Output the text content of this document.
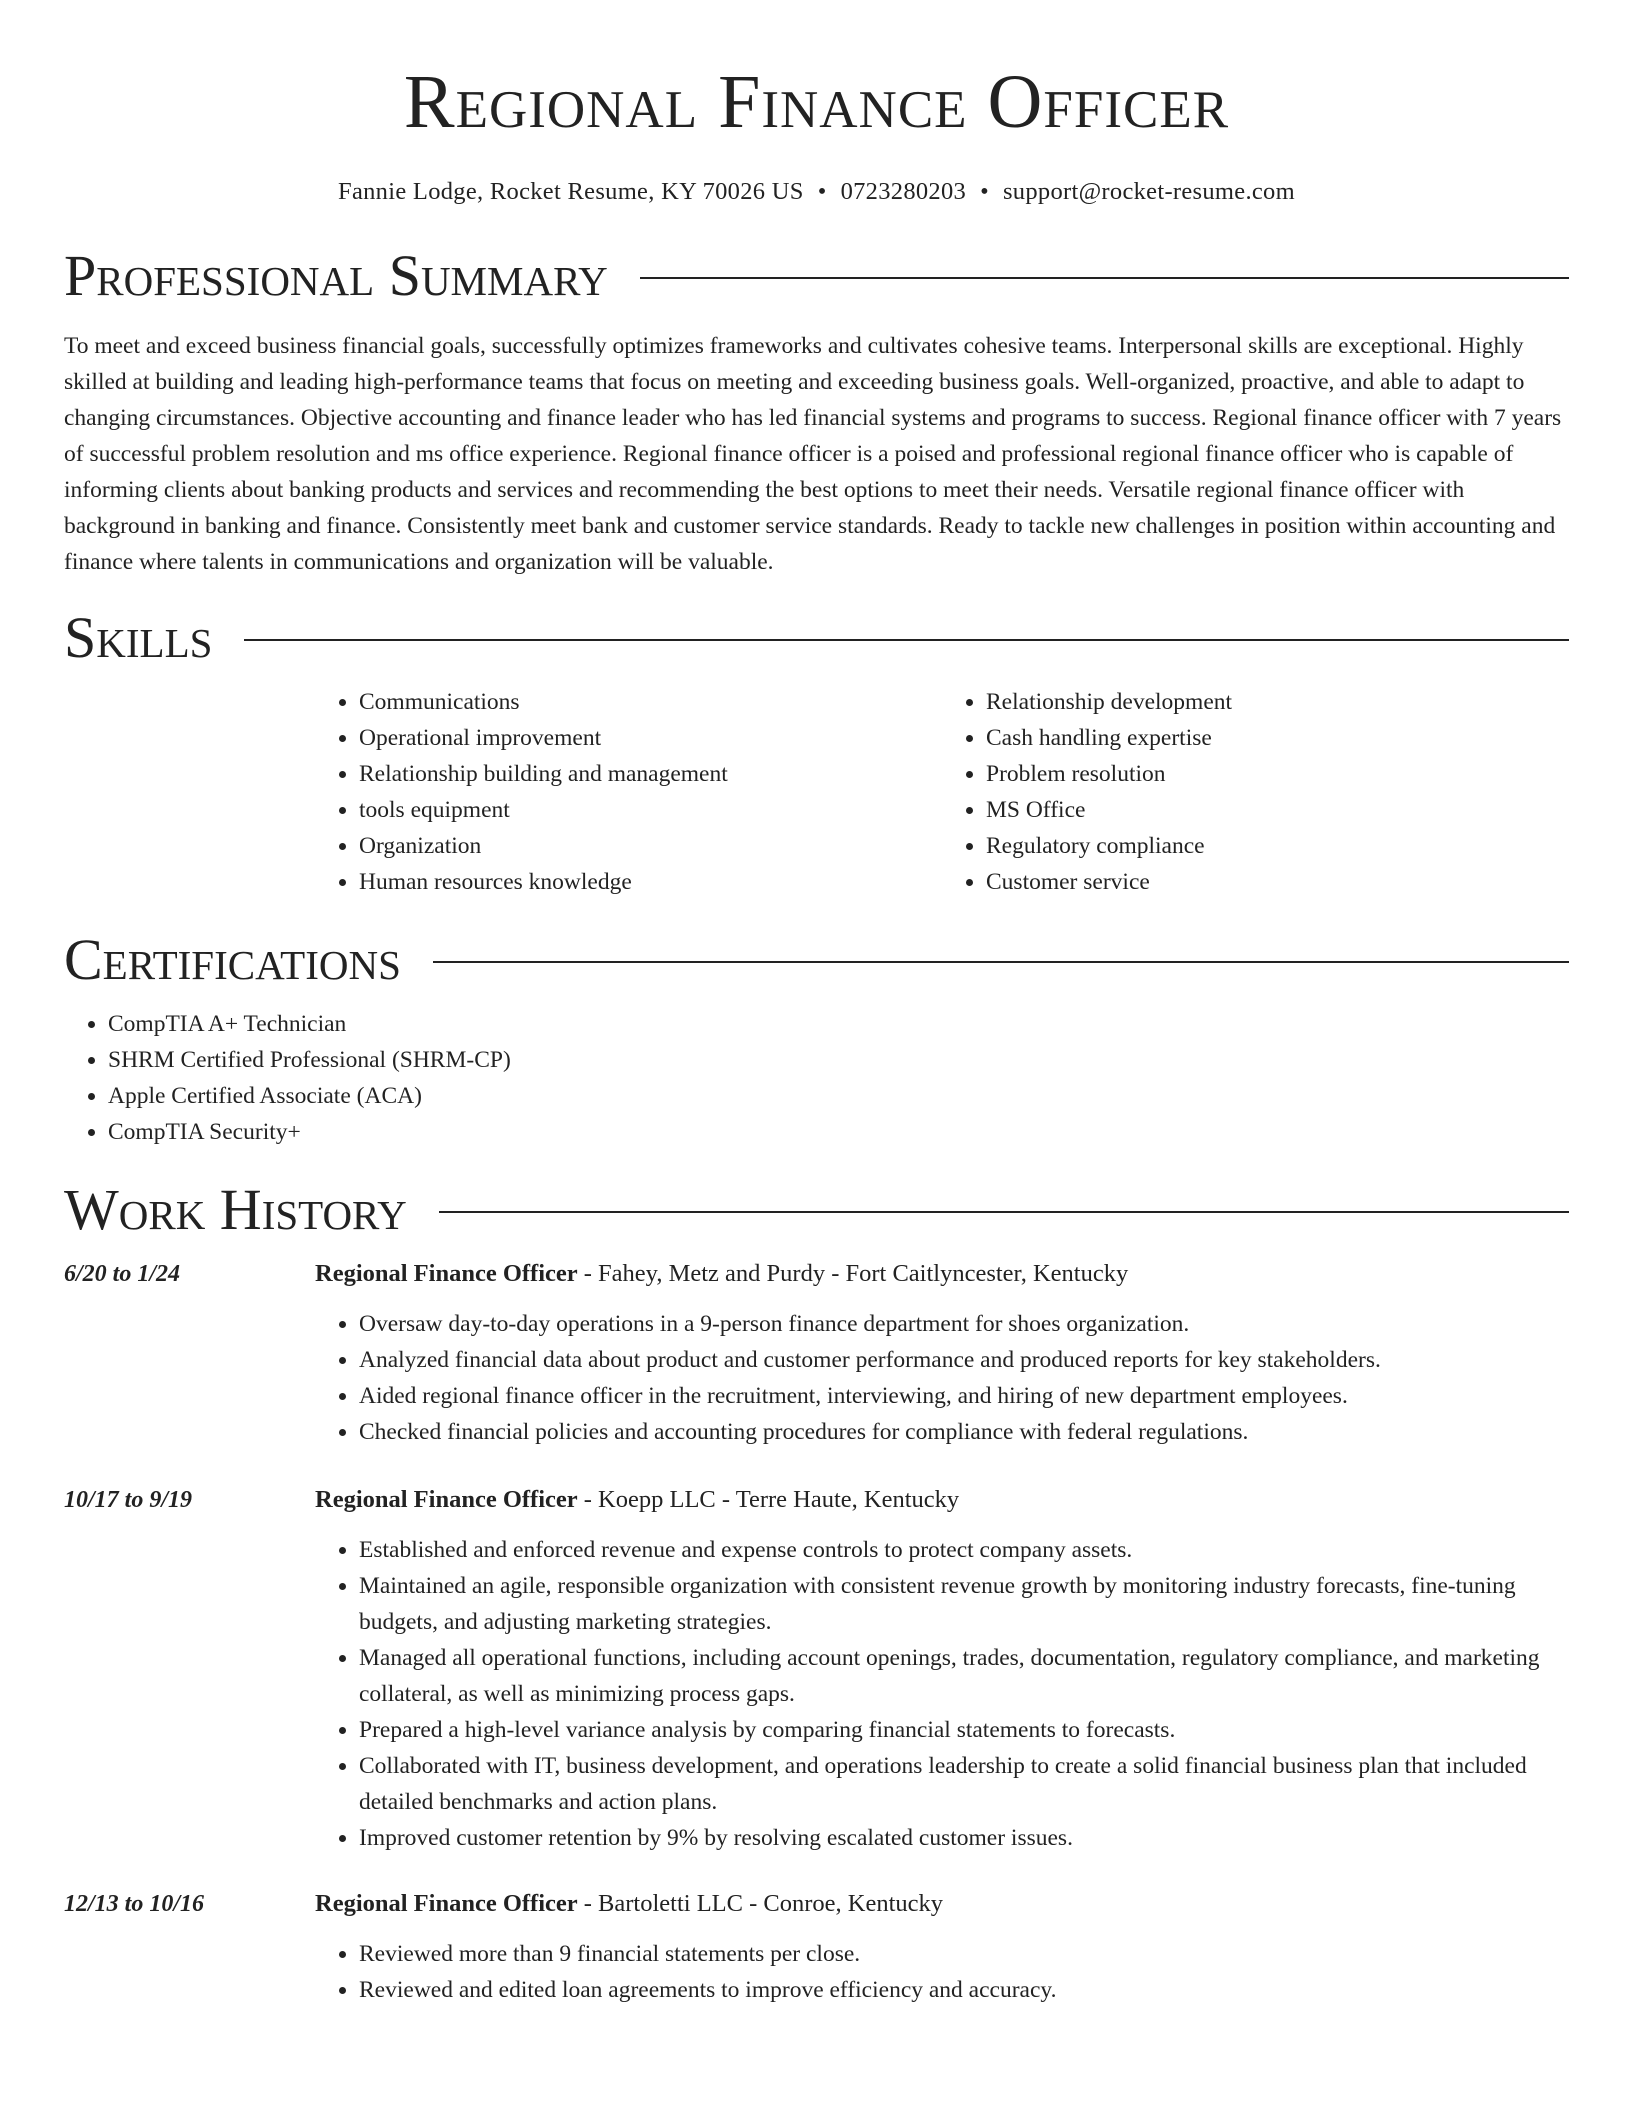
Regional Finance Officer
Fannie Lodge, Rocket Resume, KY 70026 US • 0723280203 • support@rocket-resume.com
Professional Summary

To meet and exceed business financial goals, successfully optimizes frameworks and cultivates cohesive teams. Interpersonal skills are exceptional. Highly skilled at building and leading high-performance teams that focus on meeting and exceeding business goals. Well-organized, proactive, and able to adapt to changing circumstances. Objective accounting and finance leader who has led financial systems and programs to success. Regional finance officer with 7 years of successful problem resolution and ms office experience. Regional finance officer is a poised and professional regional finance officer who is capable of informing clients about banking products and services and recommending the best options to meet their needs. Versatile regional finance officer with background in banking and finance. Consistently meet bank and customer service standards. Ready to tackle new challenges in position within accounting and finance where talents in communications and organization will be valuable.

Skills
• Communications
• Operational improvement
• Relationship building and management
• tools equipment
• Organization
• Human resources knowledge
• Relationship development
• Cash handling expertise
• Problem resolution
• MS Office
• Regulatory compliance
• Customer service
Certifications
• CompTIA A+ Technician
• SHRM Certified Professional (SHRM-CP)
• Apple Certified Associate (ACA)
• CompTIA Security+
Work History
6/20 to 1/24	Regional Finance Officer - Fahey, Metz and Purdy - Fort Caitlyncester, Kentucky
• Oversaw day-to-day operations in a 9-person finance department for shoes organization.
• Analyzed financial data about product and customer performance and produced reports for key stakeholders.
• Aided regional finance officer in the recruitment, interviewing, and hiring of new department employees.
• Checked financial policies and accounting procedures for compliance with federal regulations.
10/17 to 9/19	Regional Finance Officer - Koepp LLC - Terre Haute, Kentucky
• Established and enforced revenue and expense controls to protect company assets.
• Maintained an agile, responsible organization with consistent revenue growth by monitoring industry forecasts, fine-tuning budgets, and adjusting marketing strategies.
• Managed all operational functions, including account openings, trades, documentation, regulatory compliance, and marketing collateral, as well as minimizing process gaps.
• Prepared a high-level variance analysis by comparing financial statements to forecasts.
• Collaborated with IT, business development, and operations leadership to create a solid financial business plan that included detailed benchmarks and action plans.
• Improved customer retention by 9% by resolving escalated customer issues.
12/13 to 10/16	Regional Finance Officer - Bartoletti LLC - Conroe, Kentucky
• Reviewed more than 9 financial statements per close.
• Reviewed and edited loan agreements to improve efficiency and accuracy.
